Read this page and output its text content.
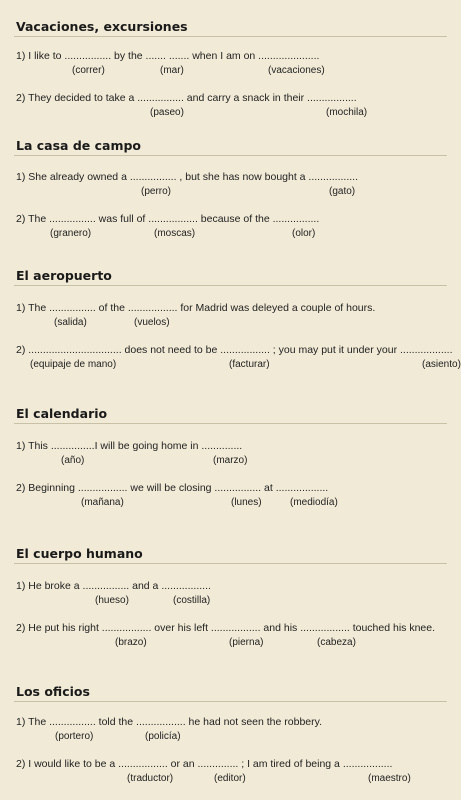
Vacaciones, excursiones
1) I like to ................ by the ....... ....... when I am on .....................
(correr)	(mar)	(vacaciones)
2) They decided to take a ................ and carry a snack in their .................
(paseo)	(mochila)
La casa de campo
1) She already owned a ................ , but she has now bought a .................
(perro)	(gato)
2) The ................ was full of ................. because of the ................
(granero)	(moscas)	(olor)
El aeropuerto
1) The ................ of the ................. for Madrid was deleyed a couple of hours.
(salida)	(vuelos)
2) ................................ does not need to be ................. ; you may put it under your ..................
(equipaje de mano)	(facturar)	(asiento)
El calendario
1) This ...............I will be going home in ..............
(año)	(marzo)
2) Beginning ................. we will be closing ................ at ..................
(mañana)	(lunes)	(mediodía)
El cuerpo humano
1) He broke a ................ and a .................
(hueso)	(costilla)
2) He put his right ................. over his left ................. and his ................. touched his knee.
(brazo)	(pierna)	(cabeza)
Los oficios
1) The ................ told the ................. he had not seen the robbery.
(portero)	(policía)
2) I would like to be a ................. or an .............. ; I am tired of being a .................
(traductor)	(editor)	(maestro)
